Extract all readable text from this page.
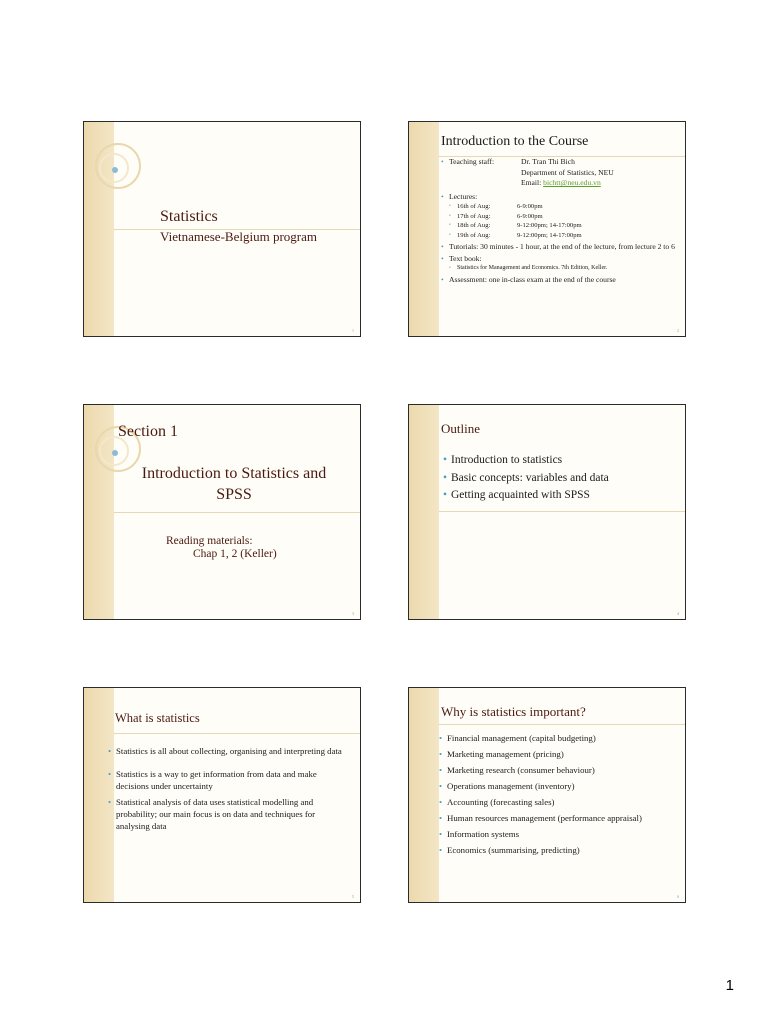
Statistics
Vietnamese-Belgium program
1
Introduction to the Course
• Teaching staff:	Dr. Tran Thi Bich
Department of Statistics, NEU
Email: bichtt@neu.edu.vn
• Lectures:
• 16th of Aug:	6-9:00pm
• 17th of Aug:	6-9:00pm
• 18th of Aug:	9-12:00pm; 14-17:00pm
• 19th of Aug:	9-12:00pm; 14-17:00pm
• Tutorials: 30 minutes - 1 hour, at the end of the lecture, from lecture 2 to 6
• Text book:
• Statistics for Management and Economics. 7th Edition, Keller.
• Assessment: one in-class exam at the end of the course
2
Section 1
Introduction to Statistics and
SPSS
Reading materials:
Chap 1, 2 (Keller)
3
Outline
• Introduction to statistics
• Basic concepts: variables and data
• Getting acquainted with SPSS
4
What is statistics
• Statistics is all about collecting, organising and interpreting data
• Statistics is a way to get information from data and make decisions under uncertainty
• Statistical analysis of data uses statistical modelling and probability; our main focus is on data and techniques for analysing data
5
Why is statistics important?
• Financial management (capital budgeting)
• Marketing management (pricing)
• Marketing research (consumer behaviour)
• Operations management (inventory)
• Accounting (forecasting sales)
• Human resources management (performance appraisal)
• Information systems
• Economics (summarising, predicting)
6
1
